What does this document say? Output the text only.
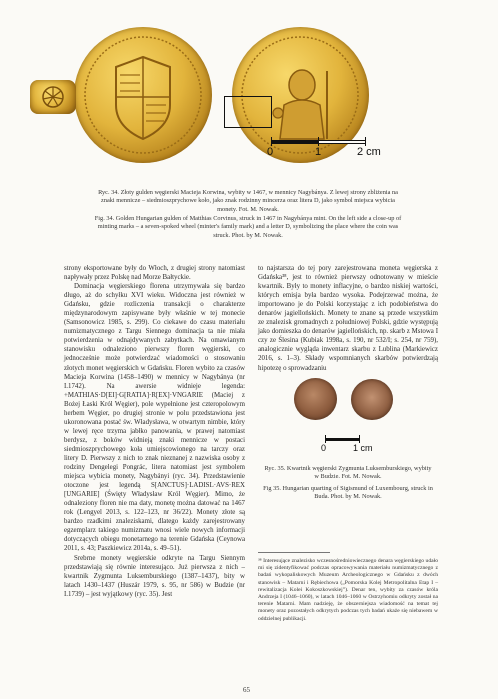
0	1	2 cm
Ryc. 34. Złoty gulden węgierski Macieja Korwina, wybity w 1467, w mennicy Nagybánya. Z lewej strony zbliżenia na znaki mennicze – siedmioszprychowe koło, jako znak rodzinny mincerza oraz litera D, jako symbol miejsca wybicia monety. Fot. M. Nowak.
Fig. 34. Golden Hungarian gulden of Matthias Corvinus, struck in 1467 in Nagybánya mint. On the left side a close-up of minting marks – a seven-spoked wheel (minter's family mark) and a letter D, symbolizing the place where the coin was struck. Phot. by M. Nowak.

strony eksportowane były do Włoch, z drugiej strony natomiast napływały przez Polskę nad Morze Bałtyckie.

Dominacja węgierskiego florena utrzymywała się bardzo długo, aż do schyłku XVI wieku. Widoczna jest również w Gdańsku, gdzie rozliczenia transakcji o charakterze międzynarodowym zapisywane były właśnie w tej monecie (Samsonowicz 1985, s. 299). Co ciekawe do czasu materiału numizmatycznego z Targu Siennego dominacja ta nie miała potwierdzenia w odnajdywanych zabytkach. Na omawianym stanowisku odnaleziono pierwszy floren węgierski, co jednocześnie może potwierdzać wiadomości o stosowaniu złotych monet węgierskich w Gdańsku. Floren wybito za czasów Macieja Korwina (1458–1490) w mennicy w Nagybánya (nr I.1742). Na awersie widnieje legenda: +MATHIAS·D[EI]·G[RATIA]·R[EX]·VNGARIE (Maciej z Bożej Łaski Król Węgier), pole wypełnione jest czteropolowym herbem Węgier, po drugiej stronie w polu przedstawiona jest ukoronowana postać św. Władysława, w otwartym nimbie, który w lewej ręce trzyma jabłko panowania, w prawej natomiast berdysz, z boków widnieją znaki mennicze w postaci siedmioszprychowego koła umiejscowionego na tarczy oraz litery D. Pierwszy z nich to znak nieznanej z nazwiska osoby z rodziny Dengelegi Pongrác, litera natomiast jest symbolem miejsca wybicia monety, Nagybányi (ryc. 34). Przedstawienie otoczone jest legendą S[ANCTUS]·LADISL·AVS·REX [UNGARIE] (Święty Władysław Król Węgier). Mimo, że odnaleziony floren nie ma daty, monetę można datować na 1467 rok (Lengyel 2013, s. 122–123, nr 36/22). Monety złote są bardzo rzadkimi znaleziskami, dlatego każdy zarejestrowany egzemplarz takiego numizmatu wnosi wiele nowych informacji dotyczących obiegu monetarnego na terenie Gdańska (Ceynowa 2011, s. 43; Paszkiewicz 2014a, s. 49–51).

Srebrne monety węgierskie odkryte na Targu Siennym przedstawiają się równie interesująco. Już pierwsza z nich – kwartnik Zygmunta Luksemburskiego (1387–1437), bity w latach 1430–1437 (Huszár 1979, s. 95, nr 586) w Budzie (nr I.1739) – jest wyjątkowy (ryc. 35). Jest

to najstarsza do tej pory zarejestrowana moneta węgierska z Gdańska³⁸, jest to również pierwszy odnotowany w mieście kwartnik. Były to monety inflacyjne, o bardzo niskiej wartości, których emisja była bardzo wysoka. Podejrzewać można, że importowano je do Polski korzystając z ich podobieństwa do denarów jagiellońskich. Monety te znane są przede wszystkim ze znalezisk gromadnych z południowej Polski, gdzie występują jako domieszka do denarów jagiellońskich, np. skarb z Mstowa I czy ze Ślesina (Kubiak 1998a, s. 190, nr 532/I; s. 254, nr 759), analogicznie wygląda inwentarz skarbu z Lublina (Markiewicz 2016, s. 1–3). Składy wspomnianych skarbów potwierdzają hipotezę o sprowadzaniu

0	1 cm
Ryc. 35. Kwartnik węgierski Zygmunta Luksemburskiego, wybity w Budzie. Fot. M. Nowak.
Fig 35. Hungarian quarting of Sigismund of Luxembourg, struck in Buda. Phot. by M. Nowak.
³⁸ Interesujące znalezisko wczesnośredniowiecznego denara węgierskiego udało mi się zidentyfikować podczas opracowywania materiału numizmatycznego z badań wykopaliskowych Muzeum Archeologicznego w Gdańsku z dwóch stanowisk – Matarni i Rębiechowa („Pomorska Kolej Metropolitalna Etap I – rewitalizacja Kolei Kokoszkowskiej”). Denar ten, wybity za czasów króla Andrzeja I (1046–1060), w latach 1046–1060 w Ostrzyhomiu odkryty został na terenie Matarni. Mam nadzieję, że obszerniejsza wiadomość na temat tej monety oraz pozostałych odkrytych podczas tych badań ukaże się niebawem w oddzielnej publikacji.
65
